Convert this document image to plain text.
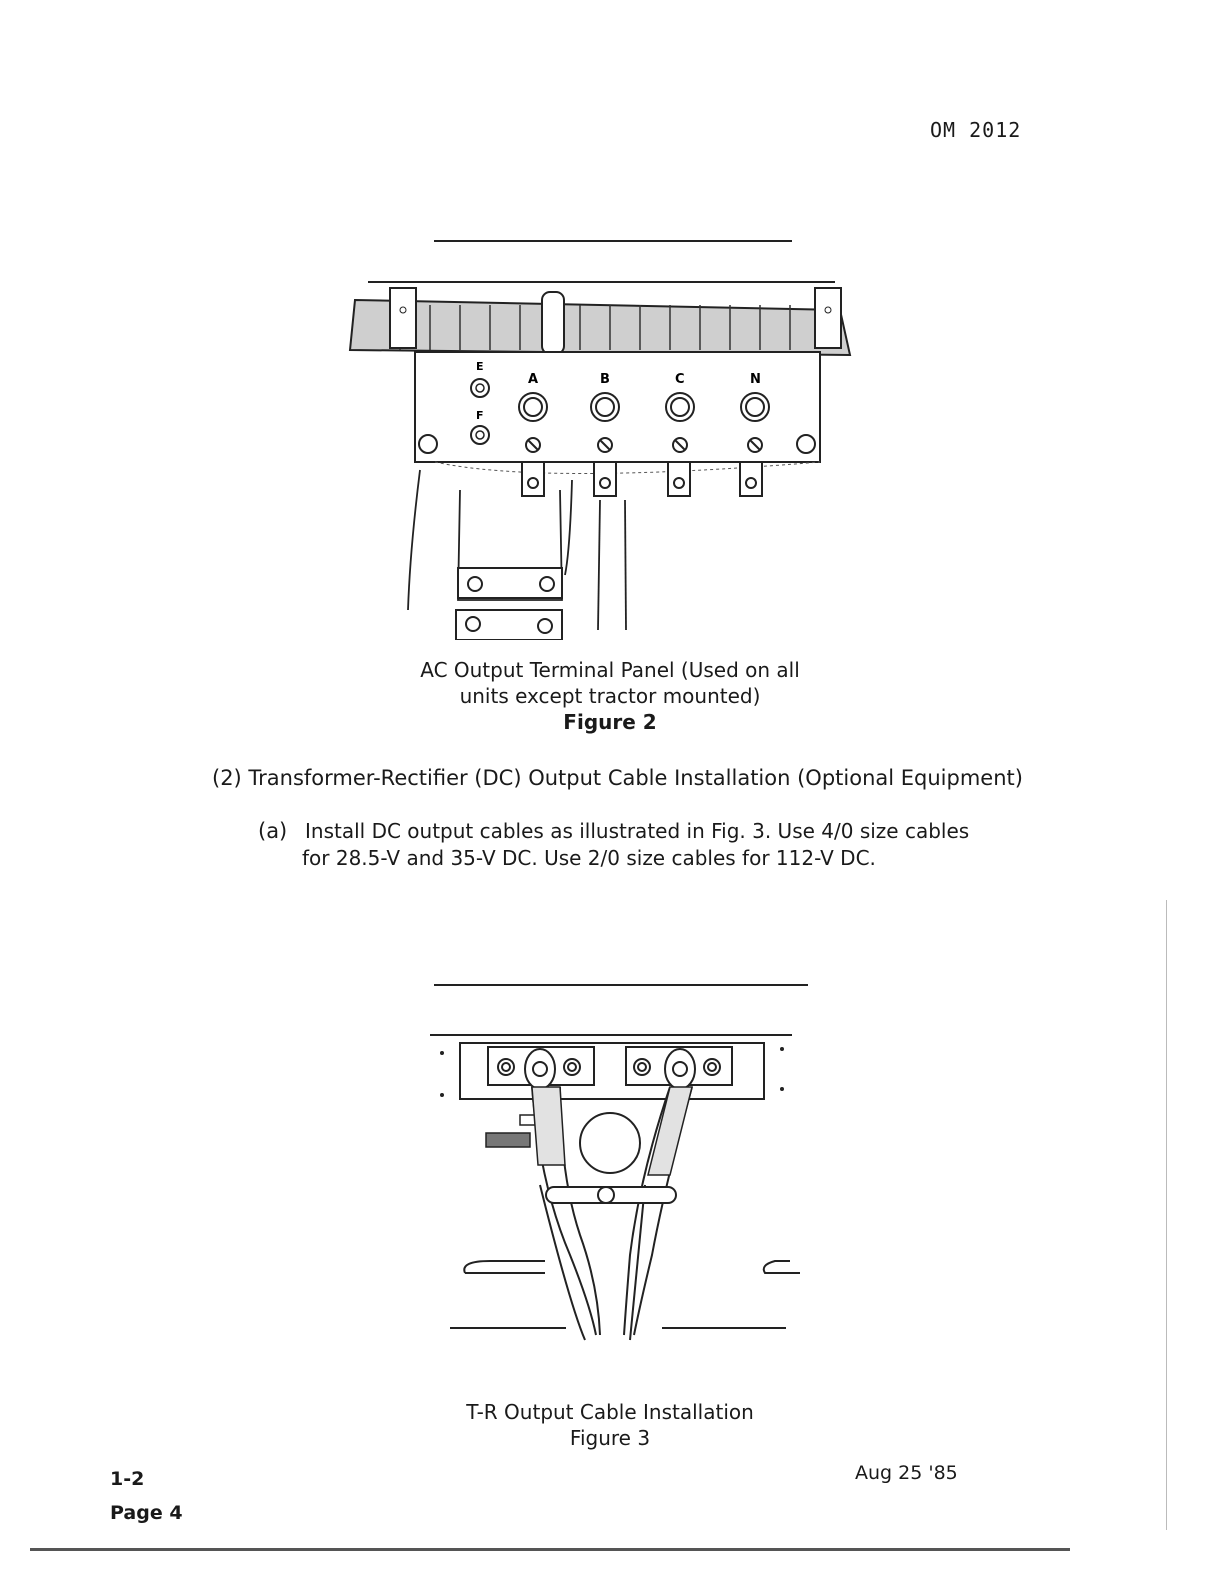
OM 2012
E
F
A	B	C	N
AC Output Terminal Panel (Used on all
units except tractor mounted)
Figure 2
(2) Transformer-Rectifier (DC) Output Cable Installation (Optional Equipment)
(a) Install DC output cables as illustrated in Fig. 3. Use 4/0 size cables
for 28.5-V and 35-V DC. Use 2/0 size cables for 112-V DC.
T-R Output Cable Installation
Figure 3
1-2
Page 4
Aug 25 '85
